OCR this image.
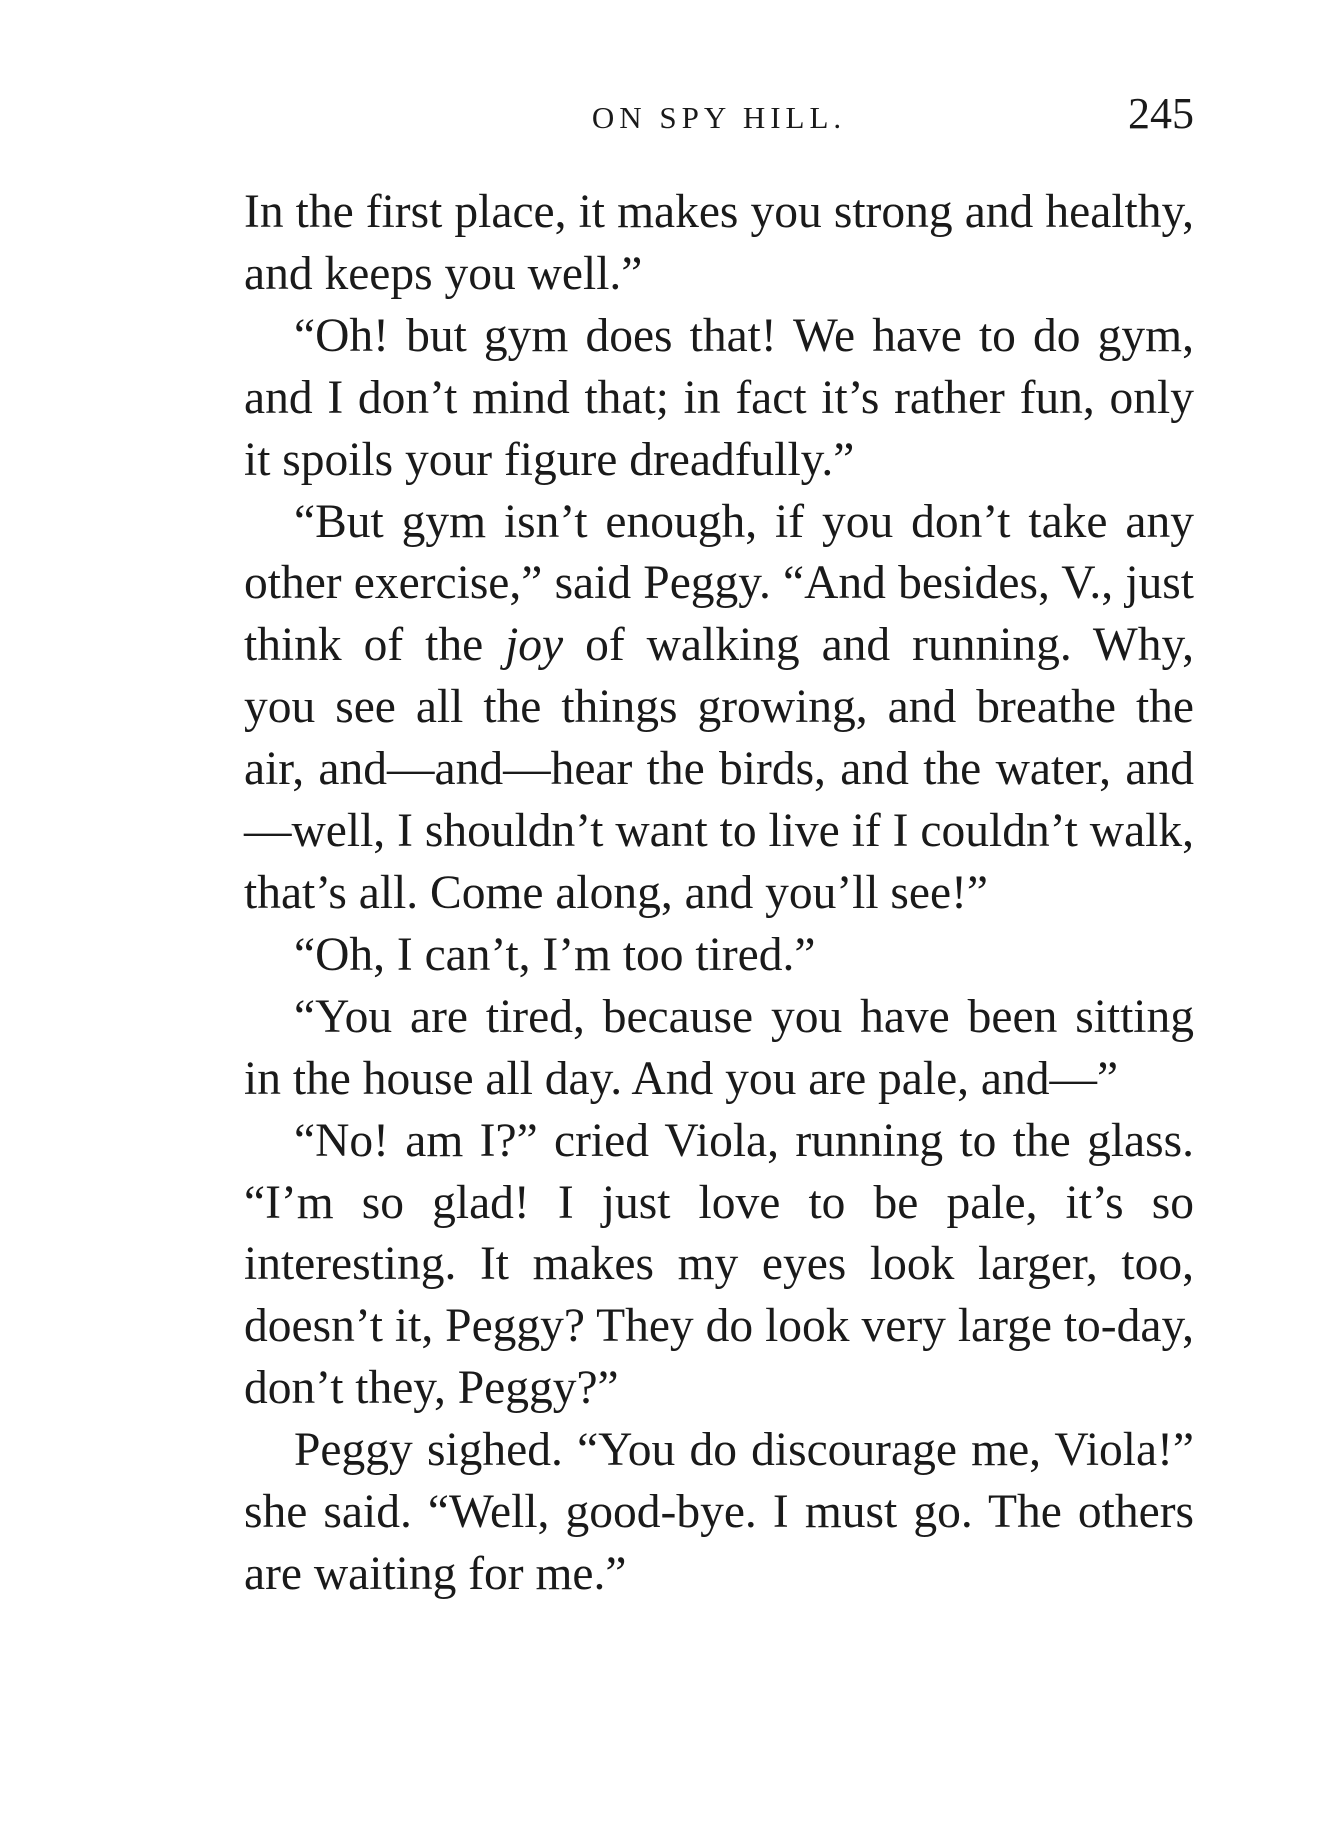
ON SPY HILL.	245

In the first place, it makes you strong and healthy, and keeps you well.”

“Oh! but gym does that! We have to do gym, and I don’t mind that; in fact it’s rather fun, only it spoils your figure dreadfully.”

“But gym isn’t enough, if you don’t take any other exercise,” said Peggy. “And besides, V., just think of the joy of walking and running. Why, you see all the things growing, and breathe the air, and—and—hear the birds, and the water, and—well, I shouldn’t want to live if I couldn’t walk, that’s all. Come along, and you’ll see!”

“Oh, I can’t, I’m too tired.”

“You are tired, because you have been sitting in the house all day. And you are pale, and—”

“No! am I?” cried Viola, running to the glass. “I’m so glad! I just love to be pale, it’s so interesting. It makes my eyes look larger, too, doesn’t it, Peggy? They do look very large to-day, don’t they, Peggy?”

Peggy sighed. “You do discourage me, Viola!” she said. “Well, good-bye. I must go. The others are waiting for me.”
